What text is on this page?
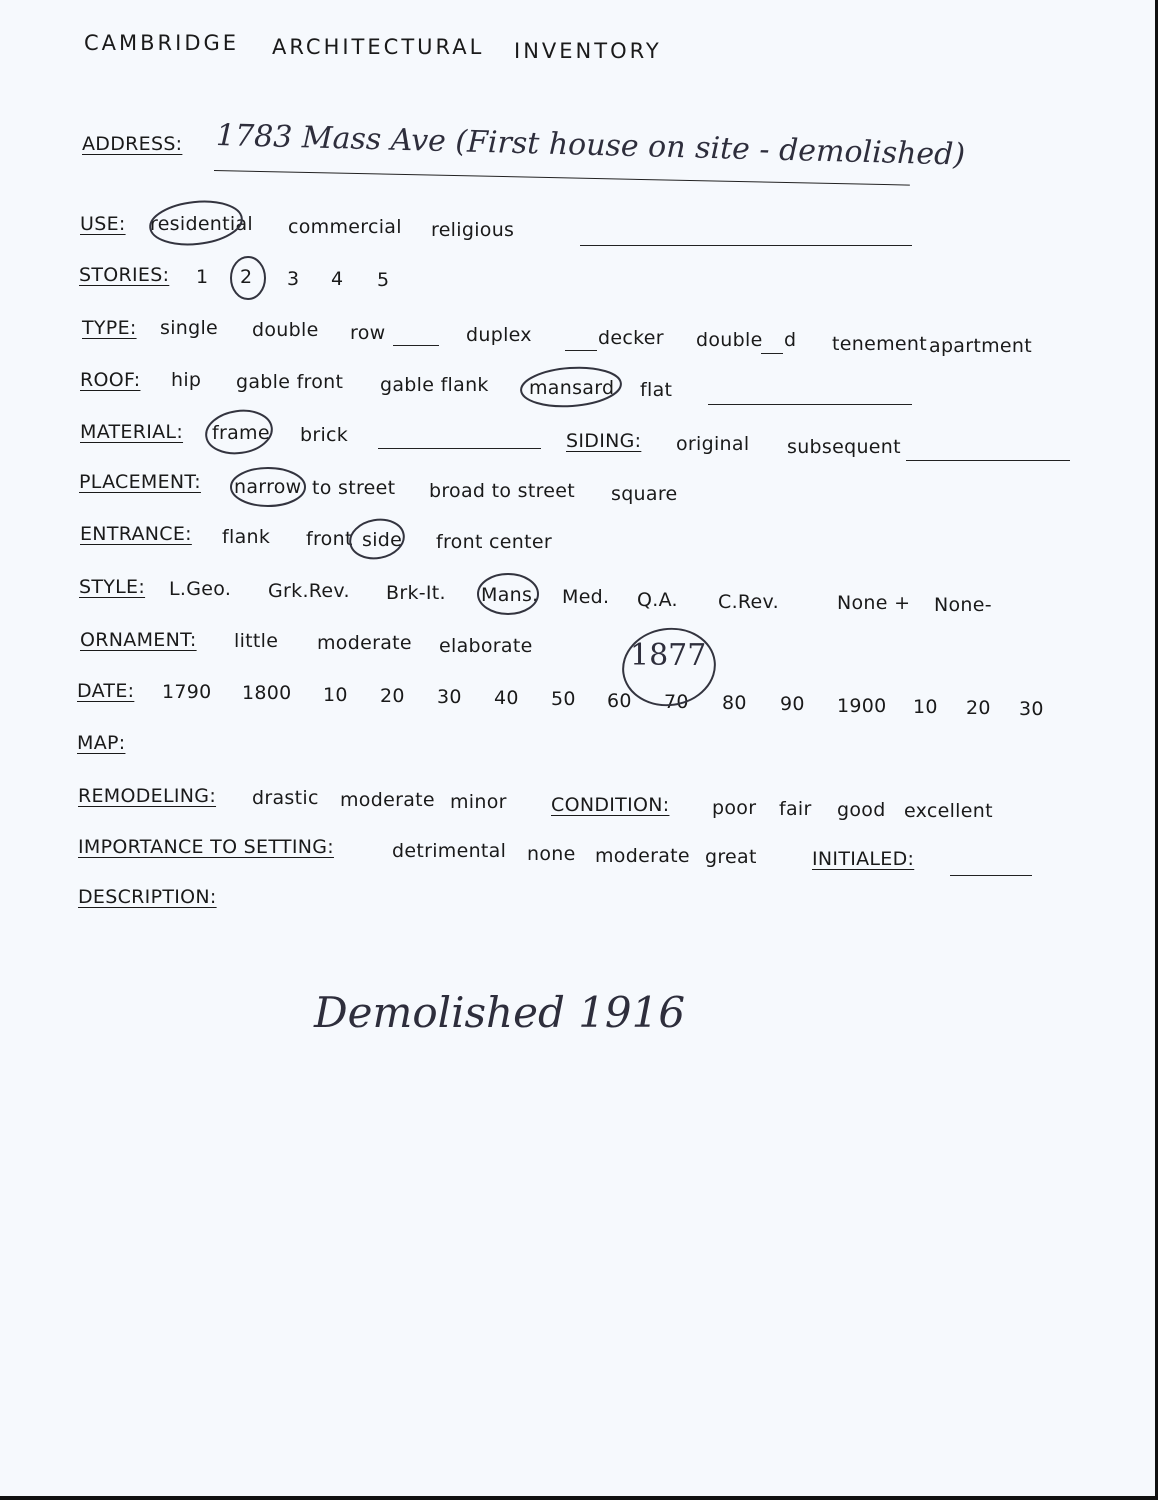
CAMBRIDGE ARCHITECTURAL INVENTORY
ADDRESS: 1783 Mass Ave (First house on site - demolished)
USE: residential commercial religious
STORIES: 1 2 3 4 5
TYPE: single double row	duplex	decker double d tenement apartment
ROOF: hip gable front gable flank mansard flat
MATERIAL: frame brick	SIDING: original subsequent
PLACEMENT: narrow to street broad to street square
ENTRANCE: flank front side front center
STYLE: L.Geo. Grk.Rev. Brk-It. Mans. Med. Q.A. C.Rev.	None + None-
ORNAMENT: little moderate elaborate	1877
DATE: 1790 1800 10 20 30 40 50 60 70 80 90 1900 10 20 30
MAP:
REMODELING: drastic moderate minor CONDITION: poor fair good excellent
IMPORTANCE TO SETTING:	detrimental none moderate great	INITIALED:
DESCRIPTION:
Demolished 1916
